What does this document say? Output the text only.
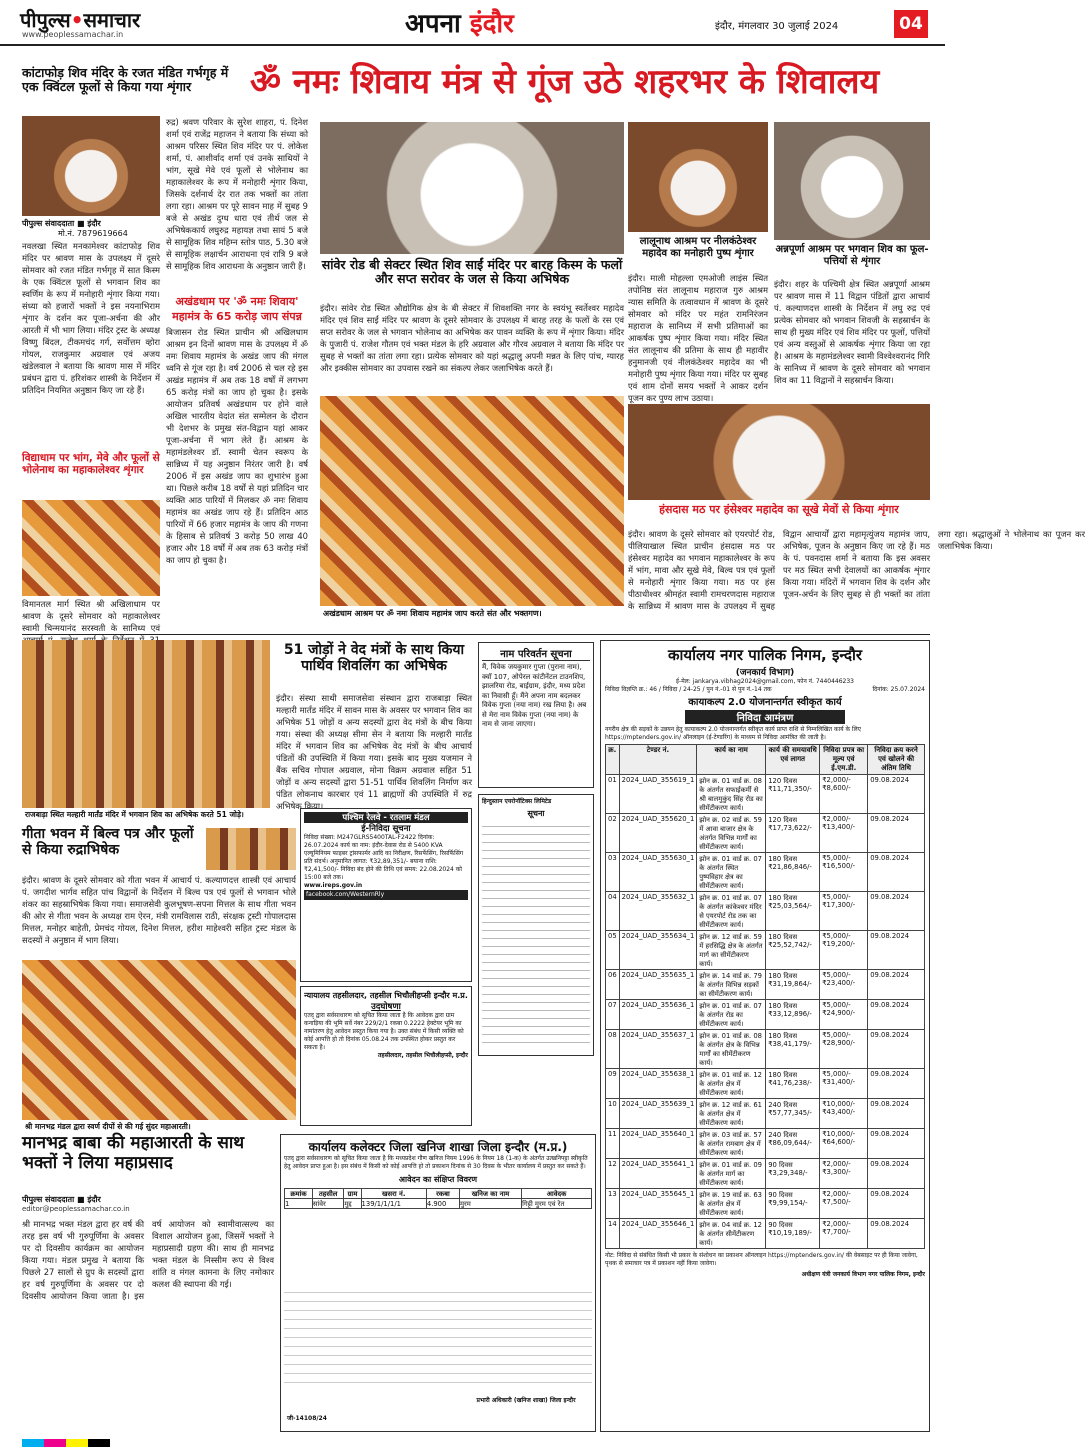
पीपुल्स•समाचार
www.peoplessamachar.in	अपना इंदौर	इंदौर, मंगलवार 30 जुलाई 2024	04
कांटाफोड़ शिव मंदिर के रजत मंडित गर्भगृह में एक क्विंटल फूलों से किया गया शृंगार
पीपुल्स संवाददाता ■ इंदौर
मो.नं. 7879619664
नवलखा स्थित मनकामेश्वर कांटाफोड़ शिव मंदिर पर श्रावण मास के उपलक्ष्य में दूसरे सोमवार को रजत मंडित गर्भगृह में सात किस्म के एक क्विंटल फूलों से भगवान शिव का स्वर्णिम के रूप में मनोहारी शृंगार किया गया। संध्या को हजारों भक्तों ने इस नयनाभिराम शृंगार के दर्शन कर पूजा-अर्चना की और आरती में भी भाग लिया। मंदिर ट्रस्ट के अध्यक्ष विष्णु बिंदल, टीकमचंद गर्ग, सर्वोत्तम व्होरा गोयल, राजकुमार अग्रवाल एवं अजय खंडेलवाल ने बताया कि श्रावण मास में मंदिर प्रबंधन द्वारा पं. हरिशंकर शास्त्री के निर्देशन में प्रतिदिन नियमित अनुष्ठान किए जा रहे हैं।
विद्याधाम पर भांग, मेवे और फूलों से भोलेनाथ का महाकालेश्वर शृंगार
विमानतल मार्ग स्थित श्री अखिलाधाम पर श्रावण के दूसरे सोमवार को महाकालेश्वर स्वामी चिन्मयानंद सरस्वती के सानिध्य एवं
रुद्र) श्रवण परिवार के सुरेश शाहरा, पं. दिनेश शर्मा एवं राजेंद्र महाजन ने बताया कि संध्या को आश्रम परिसर स्थित शिव मंदिर पर पं. लोकेश शर्मा, पं. आशीर्वाद शर्मा एवं उनके साथियों ने भांग, सूखे मेवे एवं फूलों से भोलेनाथ का महाकालेश्वर के रूप में मनोहारी शृंगार किया, जिसके दर्शनार्थ देर रात तक भक्तों का तांता लगा रहा। आश्रम पर पूरे सावन माह में सुबह 9 बजे से अखंड दुग्ध धारा एवं तीर्थ जल से अभिषेककार्य लघुरुद्र महायज्ञ तथा सायं 5 बजे से सामूहिक शिव महिम्न स्तोत्र पाठ, 5.30 बजे से सामूहिक लक्षार्चन आराधना एवं रात्रि 9 बजे से सामूहिक शिव आराधना के अनुष्ठान जारी हैं।
अखंडधाम पर 'ॐ नमः शिवाय' महामंत्र के 65 करोड़ जाप संपन्न
बिजासन रोड स्थित प्राचीन श्री अखिलधाम आश्रम इन दिनों श्रावण मास के उपलक्ष्य में ॐ नमः शिवाय महामंत्र के अखंड जाप की मंगल ध्वनि से गूंज रहा है। वर्ष 2006 से चल रहे इस अखंड महामंत्र में अब तक 18 वर्षों में लगभग 65 करोड़ मंत्रों का जाप हो चुका है। इसके आयोजन प्रतिवर्ष अखंडधाम पर होने वाले अखिल भारतीय वेदांत संत सम्मेलन के दौरान भी देशभर के प्रमुख संत-विद्वान यहां आकर पूजा-अर्चना में भाग लेते हैं। आश्रम के महामंडलेश्वर डॉ. स्वामी चेतन स्वरूप के सान्निध्य में यह अनुष्ठान निरंतर जारी है। वर्ष 2006 में इस अखंड जाप का शुभारंभ हुआ था। पिछले करीब 18 वर्षों से यहां प्रतिदिन चार व्यक्ति आठ पारियों में मिलकर ॐ नमः शिवाय महामंत्र का अखंड जाप रहे हैं। प्रतिदिन आठ पारियों में 66 हजार महामंत्र के जाप की गणना के हिसाब से प्रतिवर्ष 3 करोड़ 50 लाख 40 हजार और 18 वर्षों में अब तक 63 करोड़ मंत्रों का जाप हो चुका है।
ॐ नमः शिवाय मंत्र से गूंज उठे शहरभर के शिवालय
सांवेर रोड बी सेक्टर स्थित शिव साईं मंदिर पर बारह किस्म के फलों और सप्त सरोवर के जल से किया अभिषेक
इंदौर। सांवेर रोड स्थित औद्योगिक क्षेत्र के बी सेक्टर में शिवशक्ति नगर के स्वयंभू स्वर्तेश्वर महादेव मंदिर एवं शिव साईं मंदिर पर श्रावण के दूसरे सोमवार के उपलक्ष्य में बारह तरह के फलों के रस एवं सप्त सरोवर के जल से भगवान भोलेनाथ का अभिषेक कर पावन व्यक्ति के रूप में शृंगार किया। मंदिर के पुजारी पं. राजेश गौतम एवं भक्त मंडल के हरि अग्रवाल और गौरव अग्रवाल ने बताया कि मंदिर पर सुबह से भक्तों का तांता लगा रहा। प्रत्येक सोमवार को यहां श्रद्धालु अपनी मन्नत के लिए पांच, ग्यारह और इक्कीस सोमवार का उपवास रखने का संकल्प लेकर जलाभिषेक करते हैं।
लालूनाथ आश्रम पर नीलकंठेश्वर महादेव का मनोहारी पुष्प शृंगार
इंदौर। माली मोहल्ला एमओजी लाइंस स्थित तपोनिष्ठ संत लालूनाथ महाराज गुरु आश्रम न्यास समिति के तत्वावधान में श्रावण के दूसरे सोमवार को मंदिर पर महंत रामनिरंजन महाराज के सानिध्य में सभी प्रतिमाओं का आकर्षक पुष्प शृंगार किया गया। मंदिर स्थित संत लालूनाथ की प्रतिमा के साथ ही महावीर हनुमानजी एवं नीलकंठेश्वर महादेव का भी मनोहारी पुष्प शृंगार किया गया। मंदिर पर सुबह एवं शाम दोनों समय भक्तों ने आकर दर्शन पूजन कर पुण्य लाभ उठाया।
अन्नपूर्णा आश्रम पर भगवान शिव का फूल-पत्तियों से शृंगार
इंदौर। शहर के पश्चिमी क्षेत्र स्थित अन्नपूर्णा आश्रम पर श्रावण मास में 11 विद्वान पंडितों द्वारा आचार्य पं. कल्याणदत्त शास्त्री के निर्देशन में लघु रुद्र एवं प्रत्येक सोमवार को भगवान शिवजी के सहस्रार्चन के साथ ही मुख्य मंदिर एवं शिव मंदिर पर फूलों, पत्तियों एवं अन्य वस्तुओं से आकर्षक शृंगार किया जा रहा है। आश्रम के महामंडलेश्वर स्वामी विश्वेश्वरानंद गिरि के सानिध्य में श्रावण के दूसरे सोमवार को भगवान शिव का 11 विद्वानों ने सहस्रार्चन किया।
अखंडधाम आश्रम पर ॐ नमः शिवाय महामंत्र जाप करते संत और भक्तगण।
हंसदास मठ पर हंसेश्वर महादेव का सूखे मेवों से किया शृंगार
इंदौर। श्रावण के दूसरे सोमवार को एयरपोर्ट रोड, पीलियाखाल स्थित प्राचीन हंसदास मठ पर हंसेश्वर महादेव का भगवान महाकालेश्वर के रूप में भांग, मावा और सूखे मेवे, बिल्व पत्र एवं फूलों से मनोहारी शृंगार किया गया। मठ पर हंस पीठाधीश्वर श्रीमहंत स्वामी रामचरणदास महाराज के सान्निध्य में श्रावण मास के उपलक्ष्य में सुबह विद्वान आचार्यों द्वारा महामृत्युंजय महामंत्र जाप, अभिषेक, पूजन के अनुष्ठान किए जा रहे हैं। मठ के पं. पवनदास शर्मा ने बताया कि इस अवसर पर मठ स्थित सभी देवालयों का आकर्षक शृंगार किया गया। मंदिरों में भगवान शिव के दर्शन और पूजन-अर्चन के लिए सुबह से ही भक्तों का तांता लगा रहा। श्रद्धालुओं ने भोलेनाथ का पूजन कर जलाभिषेक किया।
राजबाड़ा स्थित मल्हारी मार्तंड मंदिर में भगवान शिव का अभिषेक करते 51 जोड़े।
51 जोड़ों ने वेद मंत्रों के साथ किया पार्थिव शिवलिंग का अभिषेक
इंदौर। संस्था साथी समाजसेवा संस्थान द्वारा राजबाड़ा स्थित मल्हारी मार्तंड मंदिर में सावन मास के अवसर पर भगवान शिव का अभिषेक 51 जोड़ों व अन्य सदस्यों द्वारा वेद मंत्रों के बीच किया गया। संस्था की अध्यक्ष सीमा सेन ने बताया कि मल्हारी मार्तंड मंदिर में भगवान शिव का अभिषेक वेद मंत्रों के बीच आचार्य पंडितों की उपस्थिति में किया गया। इसके बाद मुख्य यजमान ने बैंक सचिव गोपाल अग्रवाल, मोना विक्रम अग्रवाल सहित 51 जोड़ों व अन्य सदस्यों द्वारा 51-51 पार्थिव शिवलिंग निर्माण कर पंडित लोकनाथ कारबार एवं 11 ब्राह्मणों की उपस्थिति में रुद्र अभिषेक किया।
गीता भवन में बिल्व पत्र और फूलों से किया रुद्राभिषेक
इंदौर। श्रावण के दूसरे सोमवार को गीता भवन में आचार्य पं. कल्याणदत्त शास्त्री एवं आचार्य पं. जगदीश भार्गव सहित पांच विद्वानों के निर्देशन में बिल्व पत्र एवं फूलों से भगवान भोले शंकर का सहस्राभिषेक किया गया। समाजसेवी कुलभूषण-सपना मित्तल के साथ गीता भवन की ओर से गीता भवन के अध्यक्ष राम ऐरन, मंत्री रामविलास राठी, संरक्षक ट्रस्टी गोपालदास मित्तल, मनोहर बाहेती, प्रेमचंद गोयल, दिनेश मित्तल, हरीश माहेश्वरी सहित ट्रस्ट मंडल के सदस्यों ने अनुष्ठान में भाग लिया।
श्री मानभद्र मंडल द्वारा स्वर्ण दीपों से की गई सुंदर महाआरती।
मानभद्र बाबा की महाआरती के साथ भक्तों ने लिया महाप्रसाद
पीपुल्स संवाददाता ■ इंदौर
editor@peoplessamachar.co.in
श्री मानभद्र भक्त मंडल द्वारा हर वर्ष की तरह इस वर्ष भी गुरुपूर्णिमा के अवसर पर दो दिवसीय कार्यक्रम का आयोजन किया गया। मंडल प्रमुख ने बताया कि पिछले 27 सालों से ग्रुप के सदस्यों द्वारा हर वर्ष गुरुपूर्णिमा के अवसर पर दो दिवसीय आयोजन किया जाता है। इस वर्ष आयोजन को स्वामीवात्सल्य का विशाल आयोजन हुआ, जिसमें भक्तों ने महाप्रसादी ग्रहण की। साथ ही मानभद्र भक्त मंडल के निस्सीम रूप से विश्व शांति व मंगल कामना के लिए नमोकार कलश की स्थापना की गई।
नाम परिवर्तन सूचना
मैं, विवेक जयकुमार गुप्ता (पुराना नाम), क्वॉ 107, ओपेरल कांटीनेंटल टाउनशिप, झालरिया रोड, बाईग्राम, इंदौर, मध्य प्रदेश का निवासी हूँ। मैंने अपना नाम बदलकर विवेक गुप्ता (नया नाम) रख लिया है। अब से मेरा नाम विवेक गुप्ता (नया नाम) के नाम से जाना जाएगा।
हिन्दुस्तान एयरोनॉटिक्स लिमिटेड
सूचना
पश्चिम रेलवे - रतलाम मंडल
ई-निविदा सूचना
निविदा संख्या: M247GLRS5400TAL-F2422 दिनांक: 26.07.2024 कार्य का नाम: इंदौर-देवास रोड से 5400 KVA एल्यूमिनियम फाइबर ट्रांसफार्मर आदि का निरीक्षण, रिसर्फेसिंग, रिसर्फिसिंग प्रति संदर्भ। अनुमानित लागत: ₹32,89,351/- बयाना राशि: ₹2,41,500/- निविदा बंद होने की तिथि एवं समय: 22.08.2024 को 15:00 बजे तक।
www.ireps.gov.in
facebook.com/WesternRly
न्यायालय तहसीलदार, तहसील भिचौलीहप्सी इन्दौर म.प्र.
उदघोषणा
एतद् द्वारा सर्वसाधारण को सूचित किया जाता है कि आवेदक द्वारा ग्राम कनाड़िया की भूमि सर्वे नंबर 229/2/1 रकबा 0.2222 हेक्टेयर भूमि का नामांतरण हेतु आवेदन प्रस्तुत किया गया है। उक्त संबंध में किसी व्यक्ति को कोई आपत्ति हो तो दिनांक 05.08.24 तक उपस्थित होकर प्रस्तुत कर सकता है।
तहसीलदार, तहसील भिचौलीहप्सी, इन्दौर
कार्यालय कलेक्टर जिला खनिज शाखा जिला इन्दौर (म.प्र.)
एतद् द्वारा सर्वसाधारण को सूचित किया जाता है कि मध्यप्रदेश गौण खनिज नियम 1996 के नियम 18 (1-क) के अंतर्गत उत्खनिपट्टा स्वीकृति हेतु आवेदन प्राप्त हुआ है। इस संबंध में किसी को कोई आपत्ति हो तो प्रकाशन दिनांक से 30 दिवस के भीतर कार्यालय में प्रस्तुत कर सकते हैं।
आवेदन का संक्षिप्त विवरण
क्रमांक	तहसील	ग्राम	खसरा नं.	रकबा	खनिज का नाम	आवेदक
1	सांवेर	मुद्द	139/1/1/1/1	4.900	मुरम	गिट्टी मुरम एवं रेत
प्रभारी अधिकारी (खनिज शाखा) जिला इन्दौर
जी-14108/24
कार्यालय नगर पालिक निगम, इन्दौर
(जनकार्य विभाग)
ई-मेल: jankarya.vibhag2024@gmail.com, फोन नं. 7440446233
निविदा विज्ञप्ति क्र.: 46 / निविदा / 24-25 / पुन नं.-01 से पुन नं.-14 तक	दिनांक: 25.07.2024
कायाकल्प 2.0 योजनान्तर्गत स्वीकृत कार्य
निविदा आमंत्रण
नगरीय क्षेत्र की सड़कों के उन्नयन हेतु कायाकल्प 2.0 योजनान्तर्गत स्वीकृत कार्य प्राप्त राशि से निम्नलिखित कार्य के लिए https://mptenders.gov.in/ ऑनलाइन (ई-टेण्डरिंग) के माध्यम से निविदा आमंत्रित की जाती है।
क्र.	टेण्डर नं.	कार्य का नाम	कार्य की समयावधि एवं लागत	निविदा प्रपत्र का मूल्य एवं ई.एम.डी.	निविदा क्रय करने एवं खोलने की अंतिम तिथि
01	2024_UAD_355619_1	झोन क्र. 01 वार्ड क्र. 08 के अंतर्गत सफाईकर्मी से श्री बालमुकुंद सिंह रोड का सीमेंटीकरण कार्य।	120 दिवस ₹11,71,350/-	₹2,000/- ₹8,600/-	09.08.2024
02	2024_UAD_355620_1	झोन क्र. 02 वार्ड क्र. 59 में आवा बाजार क्षेत्र के अंतर्गत विभिन्न मार्गों का सीमेंटीकरण कार्य।	120 दिवस ₹17,73,622/-	₹2,000/- ₹13,400/-	09.08.2024
03	2024_UAD_355630_1	झोन क्र. 01 वार्ड क्र. 07 के अंतर्गत स्थित पुष्पविहार क्षेत्र का सीमेंटीकरण कार्य।	180 दिवस ₹21,86,846/-	₹5,000/- ₹16,500/-	09.08.2024
04	2024_UAD_355632_1	झोन क्र. 01 वार्ड क्र. 07 के अंतर्गत कांकेश्वर मंदिर से एयरपोर्ट रोड तक का सीमेंटीकरण कार्य।	180 दिवस ₹25,03,564/-	₹5,000/- ₹17,300/-	09.08.2024
05	2024_UAD_355634_1	झोन क्र. 12 वार्ड क्र. 59 में हरसिद्धि क्षेत्र के अंतर्गत मार्ग का सीमेंटीकरण कार्य।	180 दिवस ₹25,52,742/-	₹5,000/- ₹19,200/-	09.08.2024
06	2024_UAD_355635_1	झोन क्र. 14 वार्ड क्र. 79 के अंतर्गत विभिन्न सड़कों का सीमेंटीकरण कार्य।	180 दिवस ₹31,19,864/-	₹5,000/- ₹23,400/-	09.08.2024
07	2024_UAD_355636_1	झोन क्र. 01 वार्ड क्र. 07 के अंतर्गत रोड का सीमेंटीकरण कार्य।	180 दिवस ₹33,12,896/-	₹5,000/- ₹24,900/-	09.08.2024
08	2024_UAD_355637_1	झोन क्र. 01 वार्ड क्र. 08 के अंतर्गत क्षेत्र के विभिन्न मार्गों का सीमेंटीकरण कार्य।	180 दिवस ₹38,41,179/-	₹5,000/- ₹28,900/-	09.08.2024
09	2024_UAD_355638_1	झोन क्र. 01 वार्ड क्र. 12 के अंतर्गत क्षेत्र में सीमेंटीकरण कार्य।	180 दिवस ₹41,76,238/-	₹5,000/- ₹31,400/-	09.08.2024
10	2024_UAD_355639_1	झोन क्र. 12 वार्ड क्र. 61 के अंतर्गत क्षेत्र में सीमेंटीकरण कार्य।	240 दिवस ₹57,77,345/-	₹10,000/- ₹43,400/-	09.08.2024
11	2024_UAD_355640_1	झोन क्र. 03 वार्ड क्र. 57 के अंतर्गत रामबाग क्षेत्र में सीमेंटीकरण कार्य।	240 दिवस ₹86,09,644/-	₹10,000/- ₹64,600/-	09.08.2024
12	2024_UAD_355641_1	झोन क्र. 01 वार्ड क्र. 09 के अंतर्गत मार्ग का सीमेंटीकरण कार्य।	90 दिवस ₹3,29,348/-	₹2,000/- ₹3,300/-	09.08.2024
13	2024_UAD_355645_1	झोन क्र. 19 वार्ड क्र. 63 के अंतर्गत क्षेत्र में सीमेंटीकरण कार्य।	90 दिवस ₹9,99,154/-	₹2,000/- ₹7,500/-	09.08.2024
14	2024_UAD_355646_1	झोन क्र. 04 वार्ड क्र. 12 के अंतर्गत सीमेंटीकरण कार्य।	90 दिवस ₹10,19,189/-	₹2,000/- ₹7,700/-	09.08.2024
नोट: निविदा से संबंधित किसी भी प्रकार के संशोधन का प्रकाशन ऑनलाइन https://mptenders.gov.in/ की वेबसाइट पर ही किया जावेगा, पृथक से समाचार पत्र में प्रकाशन नहीं किया जावेगा।
अधीक्षण यंत्री जनकार्य विभाग नगर पालिक निगम, इन्दौर
